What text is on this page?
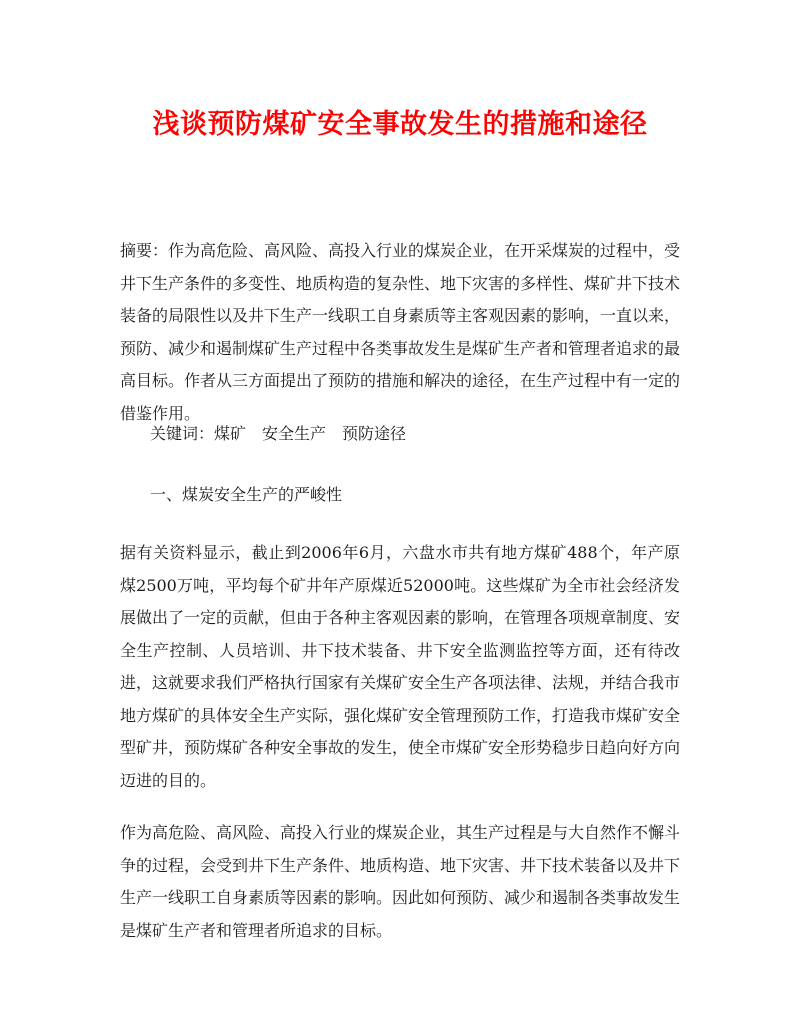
浅谈预防煤矿安全事故发生的措施和途径

摘要：作为高危险、高风险、高投入行业的煤炭企业，在开采煤炭的过程中，受井下生产条件的多变性、地质构造的复杂性、地下灾害的多样性、煤矿井下技术装备的局限性以及井下生产一线职工自身素质等主客观因素的影响，一直以来，预防、减少和遏制煤矿生产过程中各类事故发生是煤矿生产者和管理者追求的最高目标。作者从三方面提出了预防的措施和解决的途径，在生产过程中有一定的借鉴作用。

关键词：煤矿 安全生产 预防途径

一、煤炭安全生产的严峻性

据有关资料显示，截止到2006年6月，六盘水市共有地方煤矿488个，年产原煤2500万吨，平均每个矿井年产原煤近52000吨。这些煤矿为全市社会经济发展做出了一定的贡献，但由于各种主客观因素的影响，在管理各项规章制度、安全生产控制、人员培训、井下技术装备、井下安全监测监控等方面，还有待改进，这就要求我们严格执行国家有关煤矿安全生产各项法律、法规，并结合我市地方煤矿的具体安全生产实际，强化煤矿安全管理预防工作，打造我市煤矿安全型矿井，预防煤矿各种安全事故的发生，使全市煤矿安全形势稳步日趋向好方向迈进的目的。

作为高危险、高风险、高投入行业的煤炭企业，其生产过程是与大自然作不懈斗争的过程，会受到井下生产条件、地质构造、地下灾害、井下技术装备以及井下生产一线职工自身素质等因素的影响。因此如何预防、减少和遏制各类事故发生是煤矿生产者和管理者所追求的目标。
